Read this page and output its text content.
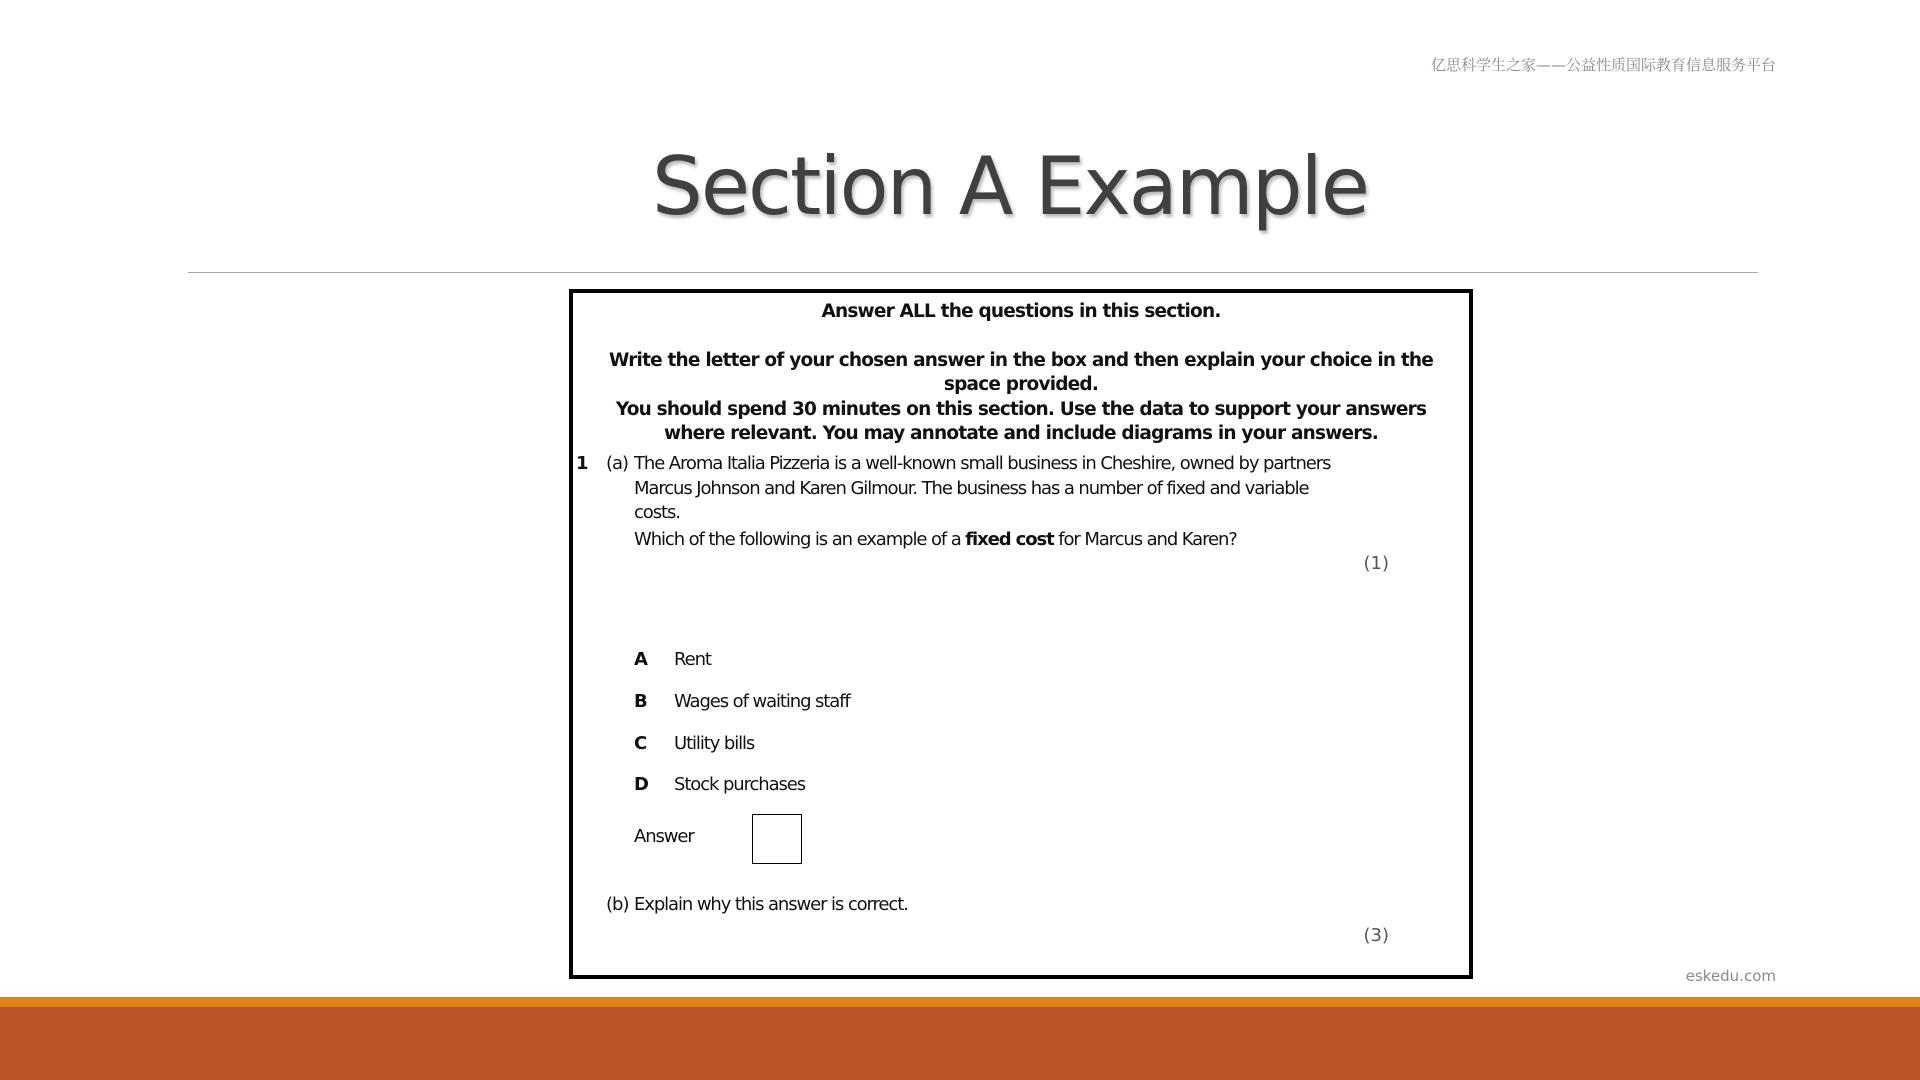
亿思科学生之家——公益性质国际教育信息服务平台
Section A Example

Answer ALL the questions in this section.

Write the letter of your chosen answer in the box and then explain your choice in the space provided.

You should spend 30 minutes on this section. Use the data to support your answers where relevant. You may annotate and include diagrams in your answers.

1 (a) The Aroma Italia Pizzeria is a well-known small business in Cheshire, owned by partners Marcus Johnson and Karen Gilmour. The business has a number of fixed and variable costs.

Which of the following is an example of a fixed cost for Marcus and Karen?

(1)
A Rent
B Wages of waiting staff
C Utility bills
D Stock purchases
Answer
(b) Explain why this answer is correct.
(3)
eskedu.com
